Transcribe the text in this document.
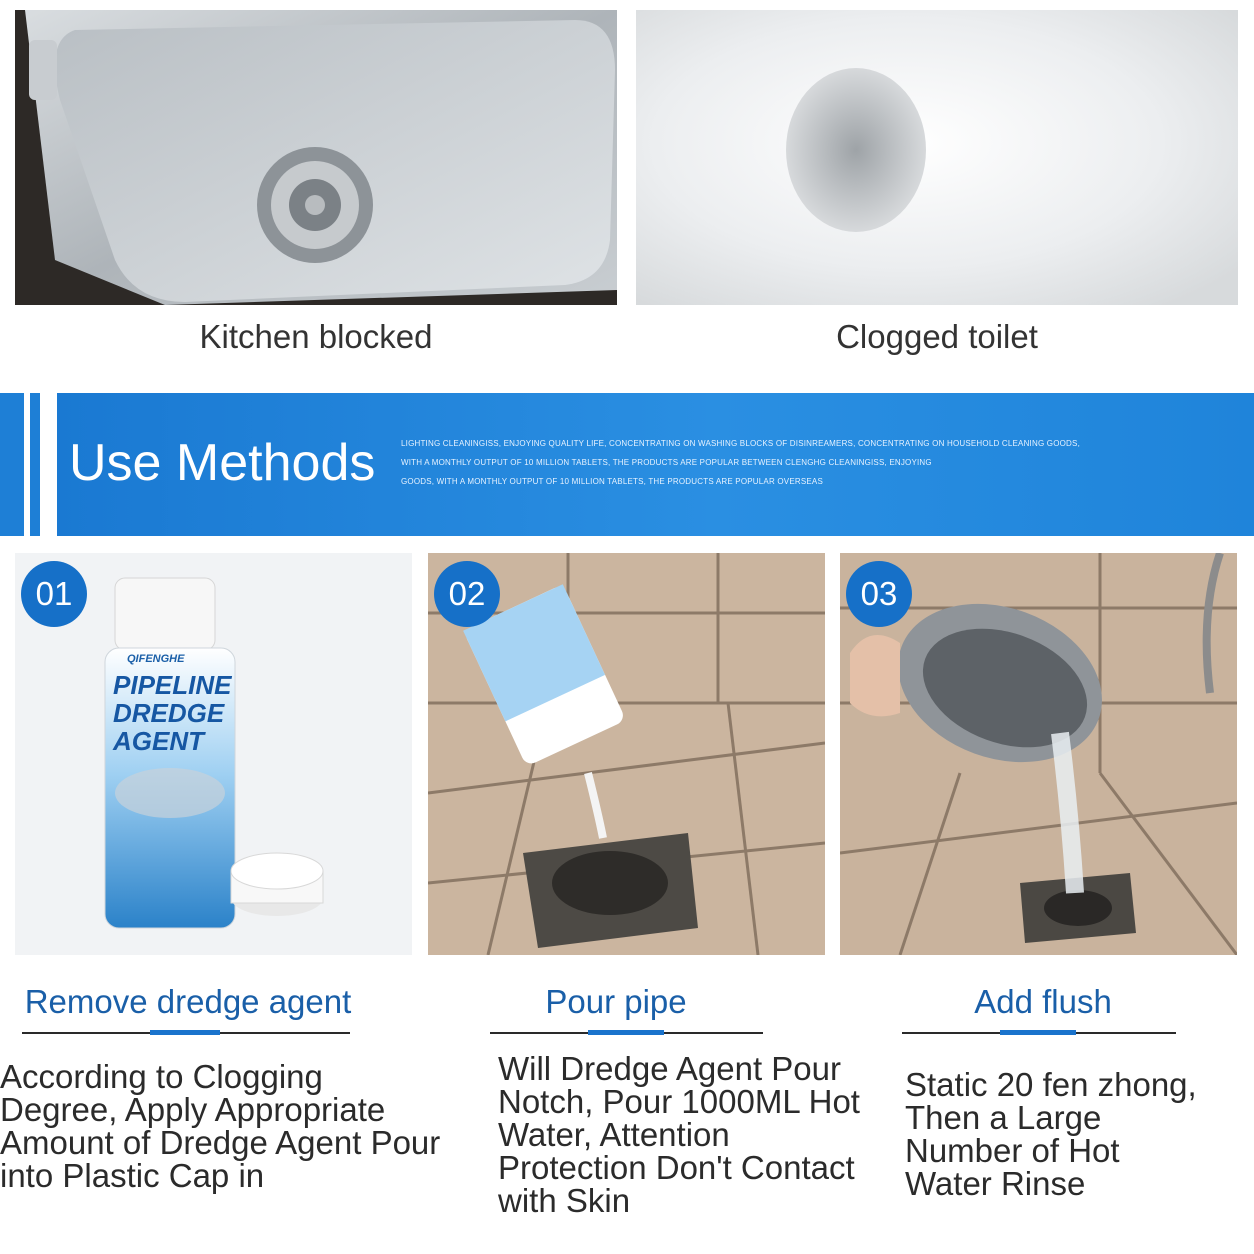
Kitchen blocked	Clogged toilet
Use Methods	LIGHTING CLEANINGISS, ENJOYING QUALITY LIFE, CONCENTRATING ON WASHING BLOCKS OF DISINREAMERS, CONCENTRATING ON HOUSEHOLD CLEANING GOODS,
WITH A MONTHLY OUTPUT OF 10 MILLION TABLETS, THE PRODUCTS ARE POPULAR BETWEEN CLENGHG CLEANINGISS, ENJOYING
GOODS, WITH A MONTHLY OUTPUT OF 10 MILLION TABLETS, THE PRODUCTS ARE POPULAR OVERSEAS
QIFENGHE
PIPELINE
DREDGE
AGENT
01	02	03
Remove dredge agent	Pour pipe	Add flush
According to Clogging
Degree, Apply Appropriate
Amount of Dredge Agent Pour
into Plastic Cap in
Will Dredge Agent Pour
Notch, Pour 1000ML Hot
Water, Attention
Protection Don't Contact
with Skin
Static 20 fen zhong,
Then a Large
Number of Hot
Water Rinse
